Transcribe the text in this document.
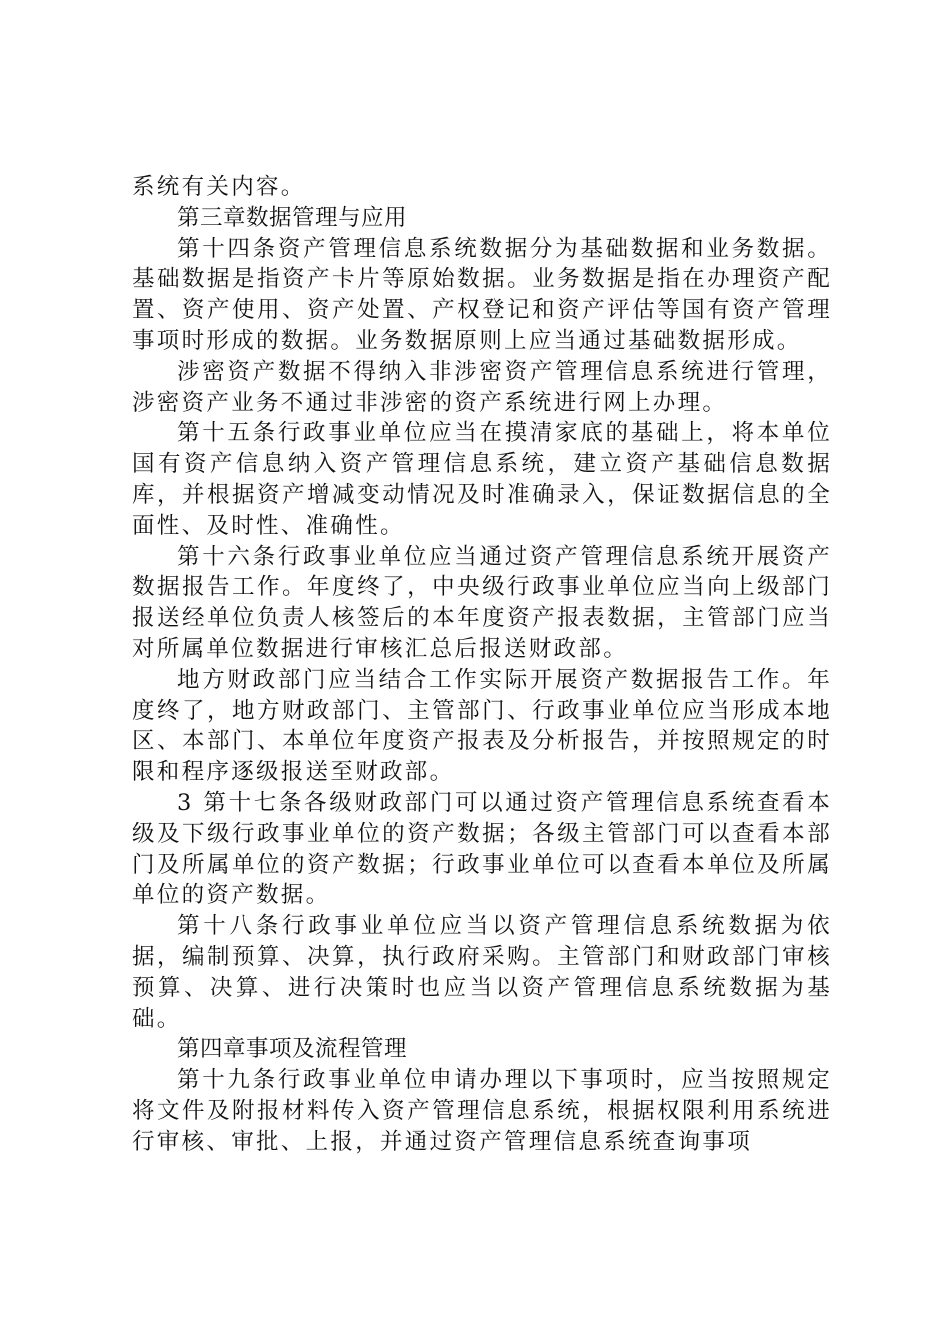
系统有关内容。

第三章数据管理与应用

第十四条资产管理信息系统数据分为基础数据和业务数据。基础数据是指资产卡片等原始数据。业务数据是指在办理资产配置、资产使用、资产处置、产权登记和资产评估等国有资产管理事项时形成的数据。业务数据原则上应当通过基础数据形成。

涉密资产数据不得纳入非涉密资产管理信息系统进行管理，涉密资产业务不通过非涉密的资产系统进行网上办理。

第十五条行政事业单位应当在摸清家底的基础上，将本单位国有资产信息纳入资产管理信息系统，建立资产基础信息数据库，并根据资产增减变动情况及时准确录入，保证数据信息的全面性、及时性、准确性。

第十六条行政事业单位应当通过资产管理信息系统开展资产数据报告工作。年度终了，中央级行政事业单位应当向上级部门报送经单位负责人核签后的本年度资产报表数据，主管部门应当对所属单位数据进行审核汇总后报送财政部。

地方财政部门应当结合工作实际开展资产数据报告工作。年度终了，地方财政部门、主管部门、行政事业单位应当形成本地区、本部门、本单位年度资产报表及分析报告，并按照规定的时限和程序逐级报送至财政部。

3 第十七条各级财政部门可以通过资产管理信息系统查看本级及下级行政事业单位的资产数据；各级主管部门可以查看本部门及所属单位的资产数据；行政事业单位可以查看本单位及所属单位的资产数据。

第十八条行政事业单位应当以资产管理信息系统数据为依据，编制预算、决算，执行政府采购。主管部门和财政部门审核预算、决算、进行决策时也应当以资产管理信息系统数据为基础。

第四章事项及流程管理

第十九条行政事业单位申请办理以下事项时，应当按照规定将文件及附报材料传入资产管理信息系统，根据权限利用系统进行审核、审批、上报，并通过资产管理信息系统查询事项
